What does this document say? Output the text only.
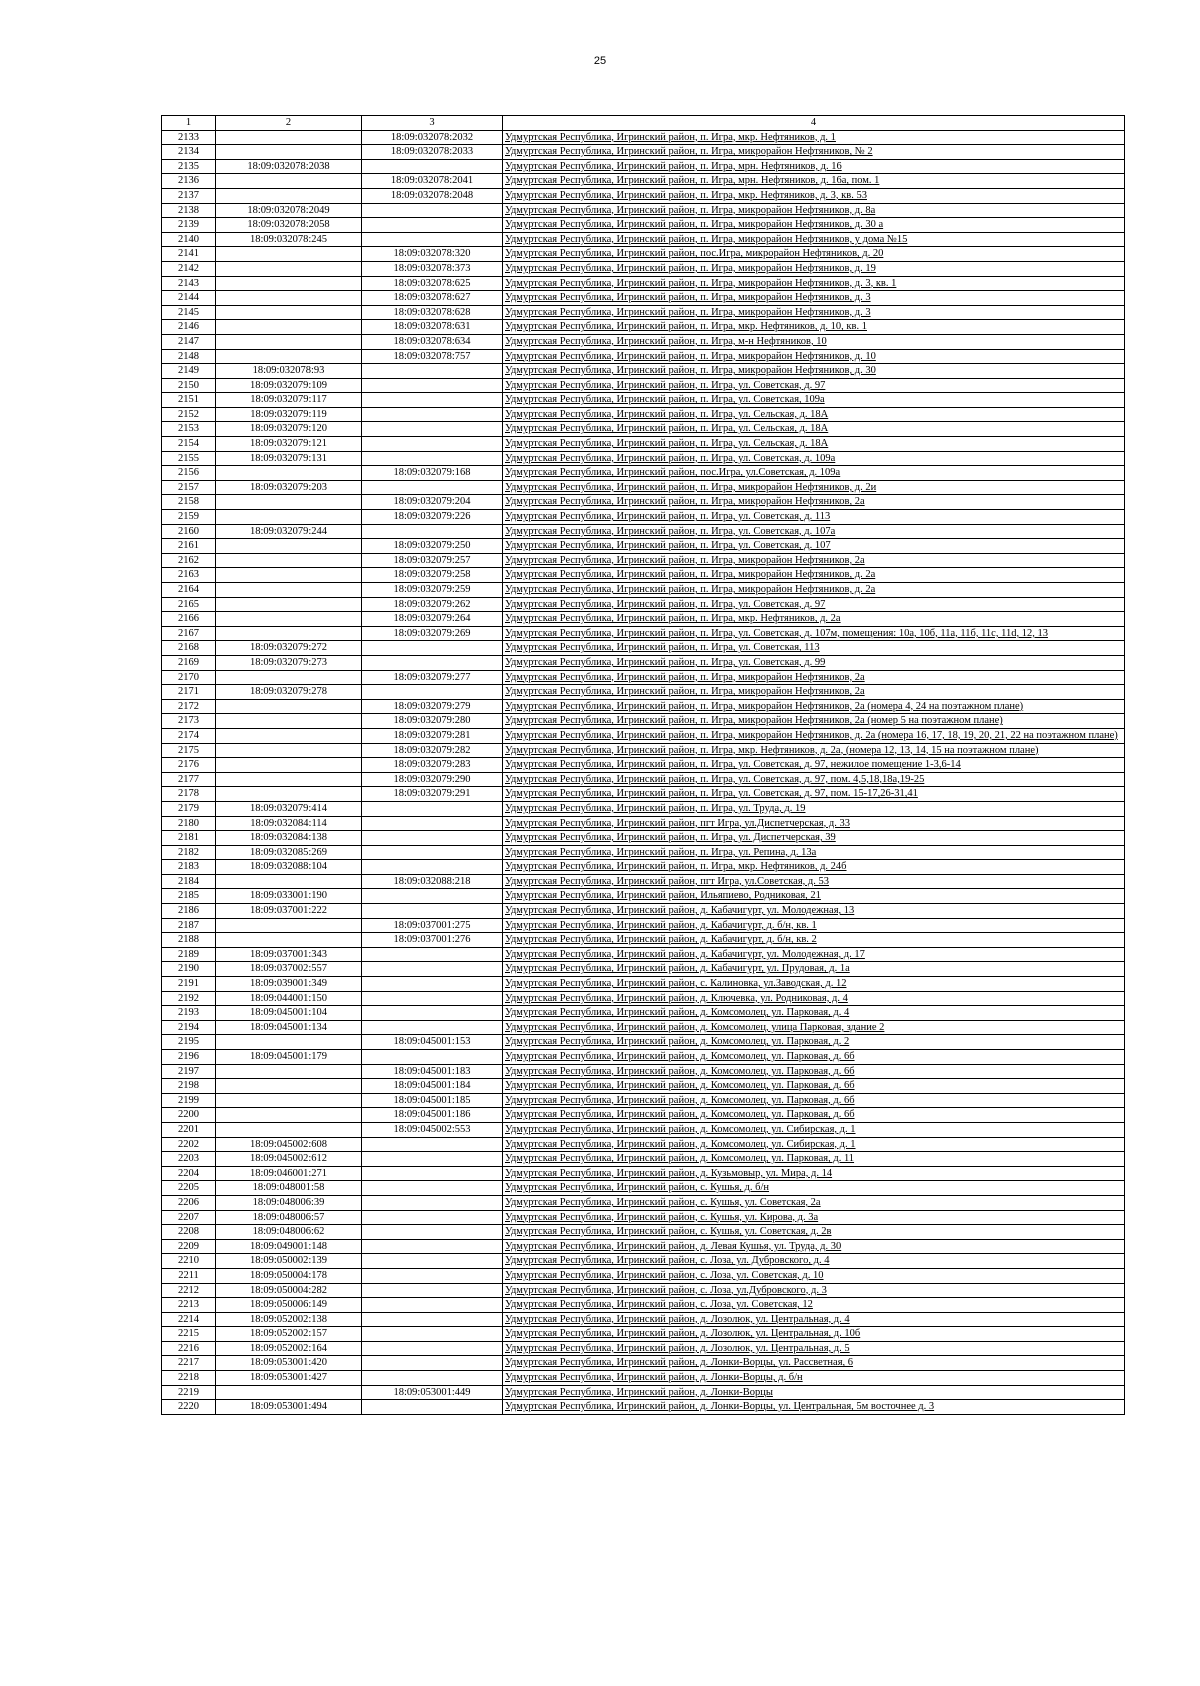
25
1	2	3	4
2133		18:09:032078:2032	Удмуртская Республика, Игринский район, п. Игра, мкр. Нефтяников, д. 1
2134		18:09:032078:2033	Удмуртская Республика, Игринский район, п. Игра, микрорайон Нефтяников, № 2
2135	18:09:032078:2038		Удмуртская Республика, Игринский район, п. Игра, мрн. Нефтяников, д. 16
2136		18:09:032078:2041	Удмуртская Республика, Игринский район, п. Игра, мрн. Нефтяников, д. 16а, пом. 1
2137		18:09:032078:2048	Удмуртская Республика, Игринский район, п. Игра, мкр. Нефтяников, д. 3, кв. 53
2138	18:09:032078:2049		Удмуртская Республика, Игринский район, п. Игра, микрорайон Нефтяников, д. 8а
2139	18:09:032078:2058		Удмуртская Республика, Игринский район, п. Игра, микрорайон Нефтяников, д. 30 а
2140	18:09:032078:245		Удмуртская Республика, Игринский район, п. Игра, микрорайон Нефтяников, у дома №15
2141		18:09:032078:320	Удмуртская Республика, Игринский район, пос.Игра, микрорайон Нефтяников, д. 20
2142		18:09:032078:373	Удмуртская Республика, Игринский район, п. Игра, микрорайон Нефтяников, д. 19
2143		18:09:032078:625	Удмуртская Республика, Игринский район, п. Игра, микрорайон Нефтяников, д. 3, кв. 1
2144		18:09:032078:627	Удмуртская Республика, Игринский район, п. Игра, микрорайон Нефтяников, д. 3
2145		18:09:032078:628	Удмуртская Республика, Игринский район, п. Игра, микрорайон Нефтяников, д. 3
2146		18:09:032078:631	Удмуртская Республика, Игринский район, п. Игра, мкр. Нефтяников, д. 10, кв. 1
2147		18:09:032078:634	Удмуртская Республика, Игринский район, п. Игра, м-н Нефтяников, 10
2148		18:09:032078:757	Удмуртская Республика, Игринский район, п. Игра, микрорайон Нефтяников, д. 10
2149	18:09:032078:93		Удмуртская Республика, Игринский район, п. Игра, микрорайон Нефтяников, д. 30
2150	18:09:032079:109		Удмуртская Республика, Игринский район, п. Игра, ул. Советская, д. 97
2151	18:09:032079:117		Удмуртская Республика, Игринский район, п. Игра, ул. Советская, 109а
2152	18:09:032079:119		Удмуртская Республика, Игринский район, п. Игра, ул. Сельская, д. 18А
2153	18:09:032079:120		Удмуртская Республика, Игринский район, п. Игра, ул. Сельская, д. 18А
2154	18:09:032079:121		Удмуртская Республика, Игринский район, п. Игра, ул. Сельская, д. 18А
2155	18:09:032079:131		Удмуртская Республика, Игринский район, п. Игра, ул. Советская, д. 109а
2156		18:09:032079:168	Удмуртская Республика, Игринский район, пос.Игра, ул.Советская, д. 109а
2157	18:09:032079:203		Удмуртская Республика, Игринский район, п. Игра, микрорайон Нефтяников, д. 2и
2158		18:09:032079:204	Удмуртская Республика, Игринский район, п. Игра, микрорайон Нефтяников, 2а
2159		18:09:032079:226	Удмуртская Республика, Игринский район, п. Игра, ул. Советская, д. 113
2160	18:09:032079:244		Удмуртская Республика, Игринский район, п. Игра, ул. Советская, д. 107а
2161		18:09:032079:250	Удмуртская Республика, Игринский район, п. Игра, ул. Советская, д. 107
2162		18:09:032079:257	Удмуртская Республика, Игринский район, п. Игра, микрорайон Нефтяников, 2а
2163		18:09:032079:258	Удмуртская Республика, Игринский район, п. Игра, микрорайон Нефтяников, д. 2а
2164		18:09:032079:259	Удмуртская Республика, Игринский район, п. Игра, микрорайон Нефтяников, д. 2а
2165		18:09:032079:262	Удмуртская Республика, Игринский район, п. Игра, ул. Советская, д. 97
2166		18:09:032079:264	Удмуртская Республика, Игринский район, п. Игра, мкр. Нефтяников, д. 2а
2167		18:09:032079:269	Удмуртская Республика, Игринский район, п. Игра, ул. Советская, д. 107м, помещения: 10а, 10б, 11а, 11б, 11с, 11d, 12, 13
2168	18:09:032079:272		Удмуртская Республика, Игринский район, п. Игра, ул. Советская, 113
2169	18:09:032079:273		Удмуртская Республика, Игринский район, п. Игра, ул. Советская, д. 99
2170		18:09:032079:277	Удмуртская Республика, Игринский район, п. Игра, микрорайон Нефтяников, 2а
2171	18:09:032079:278		Удмуртская Республика, Игринский район, п. Игра, микрорайон Нефтяников, 2а
2172		18:09:032079:279	Удмуртская Республика, Игринский район, п. Игра, микрорайон Нефтяников, 2а (номера 4, 24 на поэтажном плане)
2173		18:09:032079:280	Удмуртская Республика, Игринский район, п. Игра, микрорайон Нефтяников, 2а (номер 5 на поэтажном плане)
2174		18:09:032079:281	Удмуртская Республика, Игринский район, п. Игра, микрорайон Нефтяников, д. 2а (номера 16, 17, 18, 19, 20, 21, 22 на поэтажном плане)
2175		18:09:032079:282	Удмуртская Республика, Игринский район, п. Игра, мкр. Нефтяников, д. 2а, (номера 12, 13, 14, 15 на поэтажном плане)
2176		18:09:032079:283	Удмуртская Республика, Игринский район, п. Игра, ул. Советская, д. 97, нежилое помещение 1-3,6-14
2177		18:09:032079:290	Удмуртская Республика, Игринский район, п. Игра, ул. Советская, д. 97, пом. 4,5,18,18а,19-25
2178		18:09:032079:291	Удмуртская Республика, Игринский район, п. Игра, ул. Советская, д. 97, пом. 15-17,26-31,41
2179	18:09:032079:414		Удмуртская Республика, Игринский район, п. Игра, ул. Труда, д. 19
2180	18:09:032084:114		Удмуртская Республика, Игринский район, пгт Игра, ул.Диспетчерская, д. 33
2181	18:09:032084:138		Удмуртская Республика, Игринский район, п. Игра, ул. Диспетчерская, 39
2182	18:09:032085:269		Удмуртская Республика, Игринский район, п. Игра, ул. Репина, д. 13а
2183	18:09:032088:104		Удмуртская Республика, Игринский район, п. Игра, мкр. Нефтяников, д. 24б
2184		18:09:032088:218	Удмуртская Республика, Игринский район, пгт Игра, ул.Советская, д. 53
2185	18:09:033001:190		Удмуртская Республика, Игринский район, Ильяпиево, Родниковая, 21
2186	18:09:037001:222		Удмуртская Республика, Игринский район, д. Кабачигурт, ул. Молодежная, 13
2187		18:09:037001:275	Удмуртская Республика, Игринский район, д. Кабачигурт, д. б/н, кв. 1
2188		18:09:037001:276	Удмуртская Республика, Игринский район, д. Кабачигурт, д. б/н, кв. 2
2189	18:09:037001:343		Удмуртская Республика, Игринский район, д. Кабачигурт, ул. Молодежная, д. 17
2190	18:09:037002:557		Удмуртская Республика, Игринский район, д. Кабачигурт, ул. Прудовая, д. 1а
2191	18:09:039001:349		Удмуртская Республика, Игринский район, с. Калиновка, ул.Заводская, д. 12
2192	18:09:044001:150		Удмуртская Республика, Игринский район, д. Ключевка, ул. Родниковая, д. 4
2193	18:09:045001:104		Удмуртская Республика, Игринский район, д. Комсомолец, ул. Парковая, д. 4
2194	18:09:045001:134		Удмуртская Республика, Игринский район, д. Комсомолец, улица Парковая, здание 2
2195		18:09:045001:153	Удмуртская Республика, Игринский район, д. Комсомолец, ул. Парковая, д. 2
2196	18:09:045001:179		Удмуртская Республика, Игринский район, д. Комсомолец, ул. Парковая, д. 6б
2197		18:09:045001:183	Удмуртская Республика, Игринский район, д. Комсомолец, ул. Парковая, д. 6б
2198		18:09:045001:184	Удмуртская Республика, Игринский район, д. Комсомолец, ул. Парковая, д. 6б
2199		18:09:045001:185	Удмуртская Республика, Игринский район, д. Комсомолец, ул. Парковая, д. 6б
2200		18:09:045001:186	Удмуртская Республика, Игринский район, д. Комсомолец, ул. Парковая, д. 6б
2201		18:09:045002:553	Удмуртская Республика, Игринский район, д. Комсомолец, ул. Сибирская, д. 1
2202	18:09:045002:608		Удмуртская Республика, Игринский район, д. Комсомолец, ул. Сибирская, д. 1
2203	18:09:045002:612		Удмуртская Республика, Игринский район, д. Комсомолец, ул. Парковая, д. 11
2204	18:09:046001:271		Удмуртская Республика, Игринский район, д. Кузьмовыр, ул. Мира, д. 14
2205	18:09:048001:58		Удмуртская Республика, Игринский район, с. Кушья, д. б/н
2206	18:09:048006:39		Удмуртская Республика, Игринский район, с. Кушья, ул. Советская, 2а
2207	18:09:048006:57		Удмуртская Республика, Игринский район, с. Кушья, ул. Кирова, д. 3а
2208	18:09:048006:62		Удмуртская Республика, Игринский район, с. Кушья, ул. Советская, д. 2в
2209	18:09:049001:148		Удмуртская Республика, Игринский район, д. Левая Кушья, ул. Труда, д. 30
2210	18:09:050002:139		Удмуртская Республика, Игринский район, с. Лоза, ул. Дубровского, д. 4
2211	18:09:050004:178		Удмуртская Республика, Игринский район, с. Лоза, ул. Советская, д. 10
2212	18:09:050004:282		Удмуртская Республика, Игринский район, с. Лоза, ул.Дубровского, д. 3
2213	18:09:050006:149		Удмуртская Республика, Игринский район, с. Лоза, ул. Советская, 12
2214	18:09:052002:138		Удмуртская Республика, Игринский район, д. Лозолюк, ул. Центральная, д. 4
2215	18:09:052002:157		Удмуртская Республика, Игринский район, д. Лозолюк, ул. Центральная, д. 10б
2216	18:09:052002:164		Удмуртская Республика, Игринский район, д. Лозолюк, ул. Центральная, д. 5
2217	18:09:053001:420		Удмуртская Республика, Игринский район, д. Лонки-Ворцы, ул. Рассветная, 6
2218	18:09:053001:427		Удмуртская Республика, Игринский район, д. Лонки-Ворцы, д. б/н
2219		18:09:053001:449	Удмуртская Республика, Игринский район, д. Лонки-Ворцы
2220	18:09:053001:494		Удмуртская Республика, Игринский район, д. Лонки-Ворцы, ул. Центральная, 5м восточнее д. 3
